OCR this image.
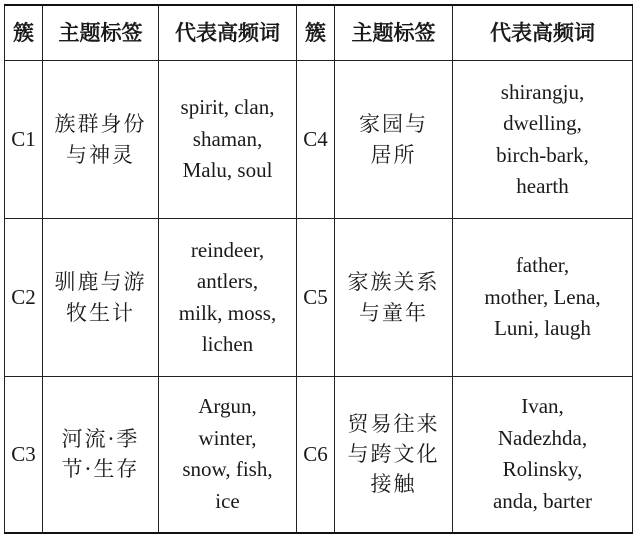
簇	主题标签	代表高频词	簇	主题标签	代表高频词
C1	族群身份
与神灵	spirit, clan,
shaman,
Malu, soul	C4	家园与
居所	shirangju,
dwelling,
birch-bark,
hearth

C2	驯鹿与游
牧生计	reindeer,
antlers,
milk, moss,
lichen	C5	家族关系
与童年	father,
mother, Lena,
Luni, laugh

C3	河流·季
节·生存	Argun,
winter,
snow, fish,
ice	C6	贸易往来
与跨文化
接触	Ivan,
Nadezhda,
Rolinsky,
anda, barter
